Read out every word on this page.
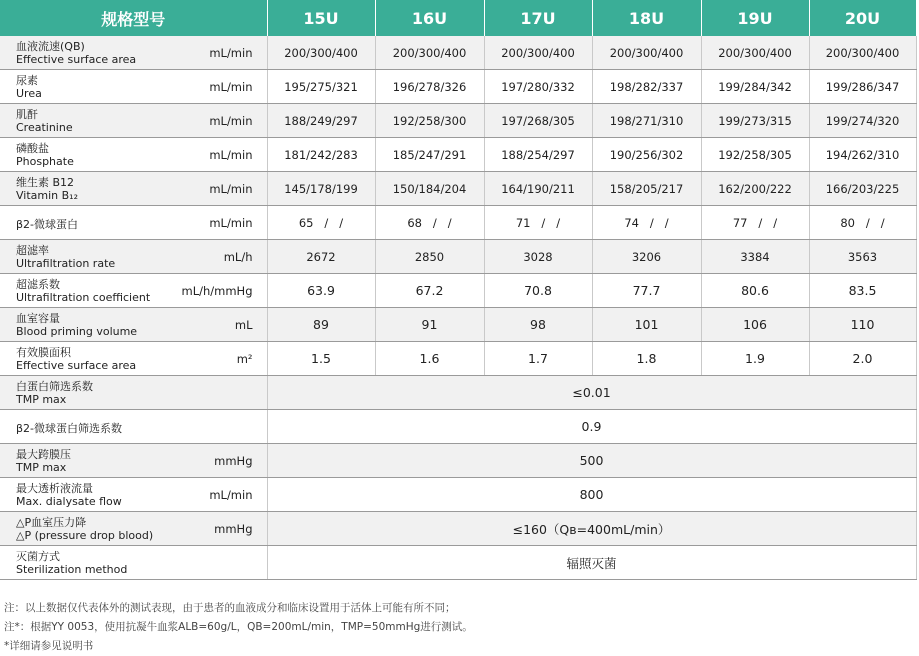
规格型号	15U	16U	17U	18U	19U	20U

血液流速(QB)
Effective surface area mL/min	200/300/400	200/300/400	200/300/400	200/300/400	200/300/400	200/300/400

尿素
Urea mL/min	195/275/321	196/278/326	197/280/332	198/282/337	199/284/342	199/286/347

肌酐
Creatinine mL/min	188/249/297	192/258/300	197/268/305	198/271/310	199/273/315	199/274/320

磷酸盐
Phosphate mL/min	181/242/283	185/247/291	188/254/297	190/256/302	192/258/305	194/262/310

维生素 B12
Vitamin B₁₂ mL/min	145/178/199	150/184/204	164/190/211	158/205/217	162/200/222	166/203/225

β2-微球蛋白 mL/min	65   /   /	68   /   /	71   /   /	74   /   /	77   /   /	80   /   /

超滤率
Ultrafiltration rate mL/h	2672	2850	3028	3206	3384	3563

超滤系数
Ultrafiltration coefficient mL/h/mmHg	63.9	67.2	70.8	77.7	80.6	83.5

血室容量
Blood priming volume mL	89	91	98	101	106	110

有效膜面积
Effective surface area m²	1.5	1.6	1.7	1.8	1.9	2.0

白蛋白筛选系数
TMP max	≤0.01					

β2-微球蛋白筛选系数	0.9					

最大跨膜压
TMP max mmHg	500					

最大透析液流量
Max. dialysate flow mL/min	800					

△P血室压力降
△P (pressure drop blood) mmHg	≤160（Qв=400mL/min）					

灭菌方式
Sterilization method	辐照灭菌					
注：以上数据仅代表体外的测试表现，由于患者的血液成分和临床设置用于活体上可能有所不同；
注*：根据YY 0053，使用抗凝牛血浆ALB=60g/L，QB=200mL/min，TMP=50mmHg进行测试。
*详细请参见说明书
